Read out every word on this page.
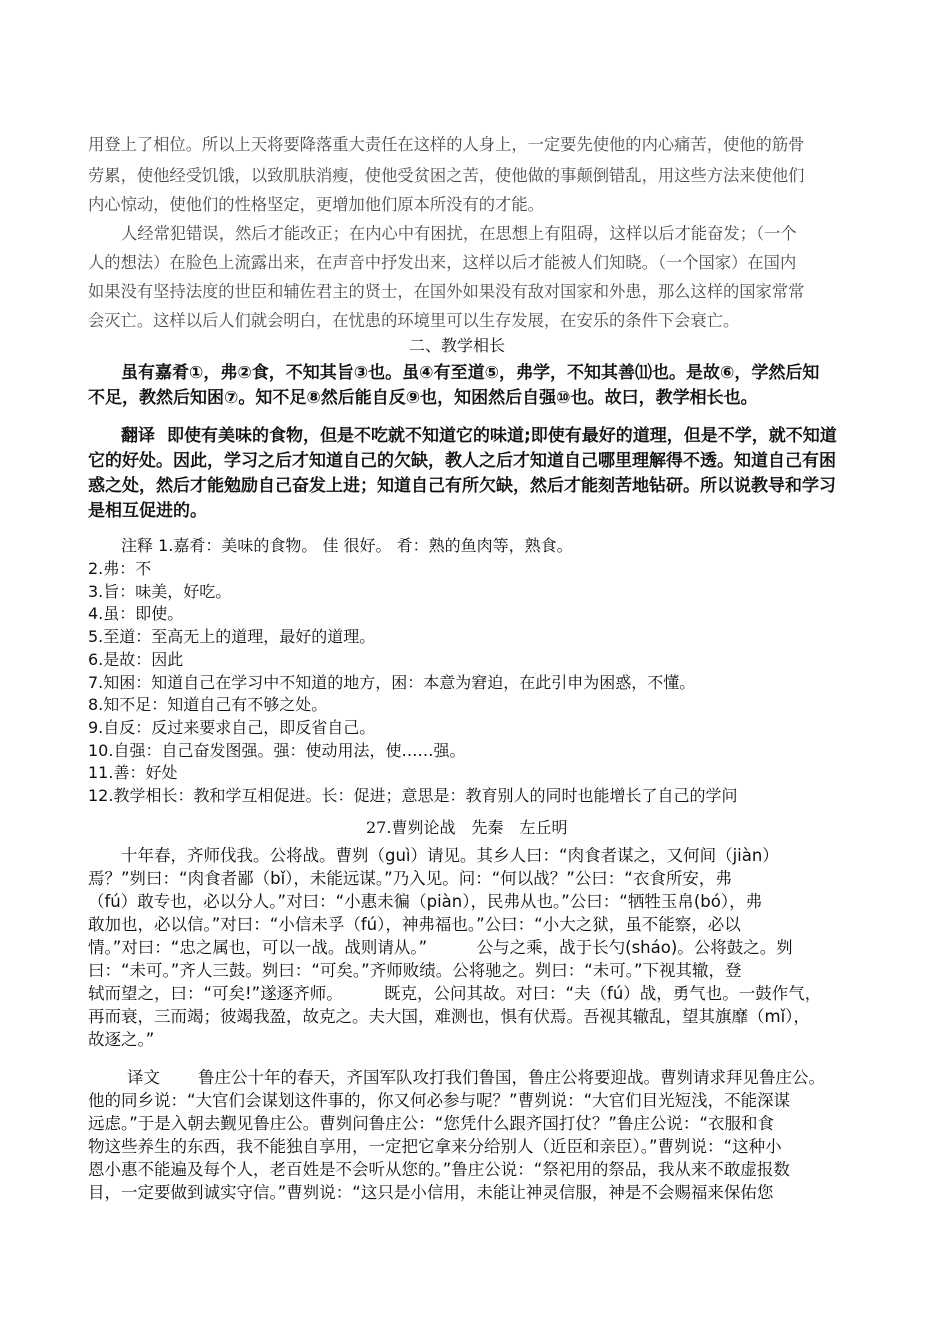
用登上了相位。所以上天将要降落重大责任在这样的人身上，一定要先使他的内心痛苦，使他的筋骨

劳累，使他经受饥饿，以致肌肤消瘦，使他受贫困之苦，使他做的事颠倒错乱，用这些方法来使他们

内心惊动，使他们的性格坚定，更增加他们原本所没有的才能。

人经常犯错误，然后才能改正；在内心中有困扰，在思想上有阻碍，这样以后才能奋发；（一个

人的想法）在脸色上流露出来，在声音中抒发出来，这样以后才能被人们知晓。（一个国家）在国内

如果没有坚持法度的世臣和辅佐君主的贤士，在国外如果没有敌对国家和外患，那么这样的国家常常

会灭亡。这样以后人们就会明白，在忧患的环境里可以生存发展，在安乐的条件下会衰亡。

二、教学相长

虽有嘉肴①，弗②食，不知其旨③也。虽④有至道⑤，弗学，不知其善⑾也。是故⑥，学然后知

不足，教然后知困⑦。知不足⑧然后能自反⑨也，知困然后自强⑩也。故曰，教学相长也。

翻译 即使有美味的食物，但是不吃就不知道它的味道;即使有最好的道理，但是不学，就不知道

它的好处。因此，学习之后才知道自己的欠缺，教人之后才知道自己哪里理解得不透。知道自己有困

惑之处，然后才能勉励自己奋发上进；知道自己有所欠缺，然后才能刻苦地钻研。所以说教导和学习

是相互促进的。

注释 1.嘉肴：美味的食物。 佳 很好。 肴：熟的鱼肉等，熟食。

2.弗：不

3.旨：味美，好吃。

4.虽：即使。

5.至道：至高无上的道理，最好的道理。

6.是故：因此

7.知困：知道自己在学习中不知道的地方，困：本意为窘迫，在此引申为困惑，不懂。

8.知不足：知道自己有不够之处。

9.自反：反过来要求自己，即反省自己。

10.自强：自己奋发图强。强：使动用法，使……强。

11.善：好处

12.教学相长：教和学互相促进。长：促进；意思是：教育别人的同时也能增长了自己的学问

27.曹刿论战　先秦　左丘明

十年春，齐师伐我。公将战。曹刿（guì）请见。其乡人曰：“肉食者谋之，又何间（jiàn）

焉？”刿曰：“肉食者鄙（bǐ），未能远谋。”乃入见。问：“何以战？”公曰：“衣食所安，弗

（fú）敢专也，必以分人。”对曰：“小惠未徧（piàn），民弗从也。”公曰：“牺牲玉帛(bó），弗

敢加也，必以信。”对曰：“小信未孚（fú），神弗福也。”公曰：“小大之狱，虽不能察，必以

情。”对曰：“忠之属也，可以一战。战则请从。”　　　公与之乘，战于长勺(sháo)。公将鼓之。刿

曰：“未可。”齐人三鼓。刿曰：“可矣。”齐师败绩。公将驰之。刿曰：“未可。”下视其辙，登

轼而望之，曰：“可矣!”遂逐齐师。　　　既克，公问其故。对曰：“夫（fú）战，勇气也。一鼓作气，

再而衰，三而竭；彼竭我盈，故克之。夫大国，难测也，惧有伏焉。吾视其辙乱，望其旗靡（mǐ），

故逐之。”

译文 鲁庄公十年的春天，齐国军队攻打我们鲁国，鲁庄公将要迎战。曹刿请求拜见鲁庄公。

他的同乡说：“大官们会谋划这件事的，你又何必参与呢？”曹刿说：“大官们目光短浅，不能深谋

远虑。”于是入朝去觐见鲁庄公。曹刿问鲁庄公：“您凭什么跟齐国打仗？”鲁庄公说：“衣服和食

物这些养生的东西，我不能独自享用，一定把它拿来分给别人（近臣和亲臣）。”曹刿说：“这种小

恩小惠不能遍及每个人，老百姓是不会听从您的。”鲁庄公说：“祭祀用的祭品，我从来不敢虚报数

目，一定要做到诚实守信。”曹刿说：“这只是小信用，未能让神灵信服，神是不会赐福来保佑您
